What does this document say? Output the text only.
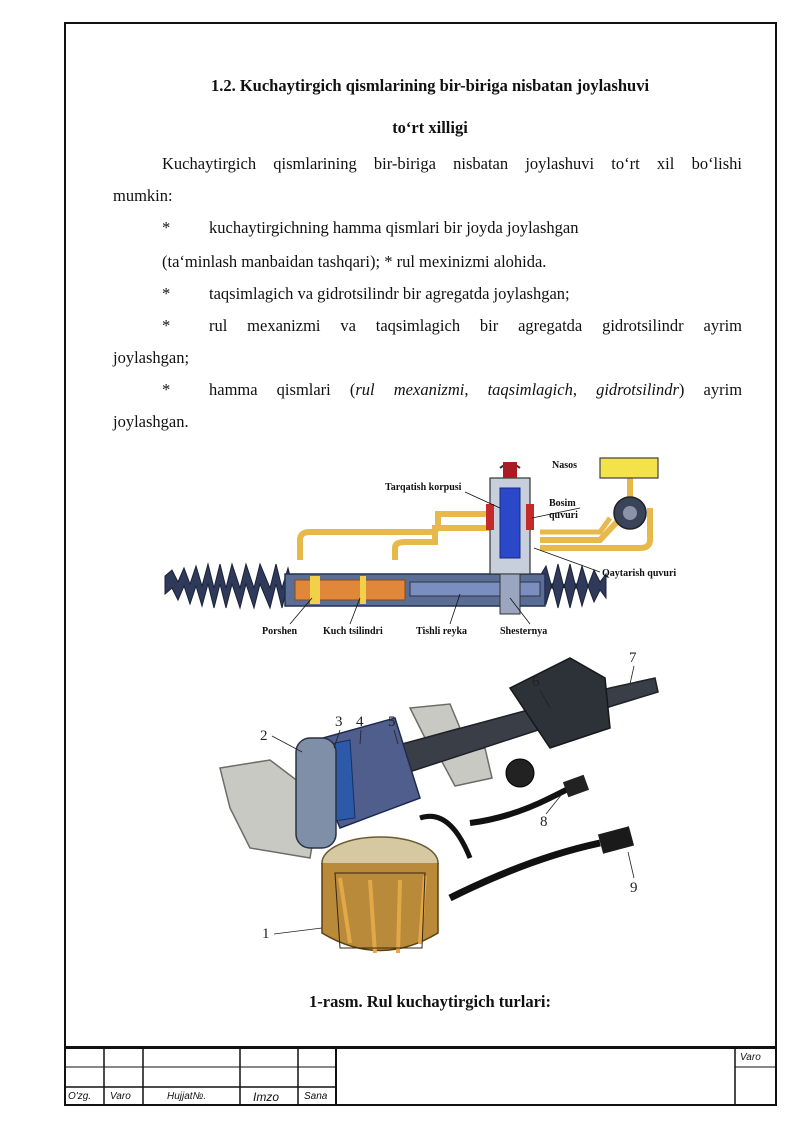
1.2. Kuchaytirgich qismlarining bir-biriga nisbatan joylashuvi
to‘rt xilligi
Kuchaytirgich qismlarining bir-biriga nisbatan joylashuvi to‘rt xil bo‘lishi
mumkin:
* kuchaytirgichning hamma qismlari bir joyda joylashgan
(ta‘minlash manbaidan tashqari); * rul mexinizmi alohida.
* taqsimlagich va gidrotsilindr bir agregatda joylashgan;
* rul mexanizmi va taqsimlagich bir agregatda gidrotsilindr ayrim
joylashgan;
* hamma qismlari (rul mexanizmi, taqsimlagich, gidrotsilindr) ayrim
joylashgan.
Tarqatish korpusi
Nasos
Bosim
quvuri
Qaytarish quvuri
Porshen	Kuch tsilindri	Tishli reyka	Shesternya
2
3 4 5
6
7
8
9
1
1-rasm. Rul kuchaytirgich turlari:
Varo
O'zg. Varo	Hujjat№.	Imzo Sana
